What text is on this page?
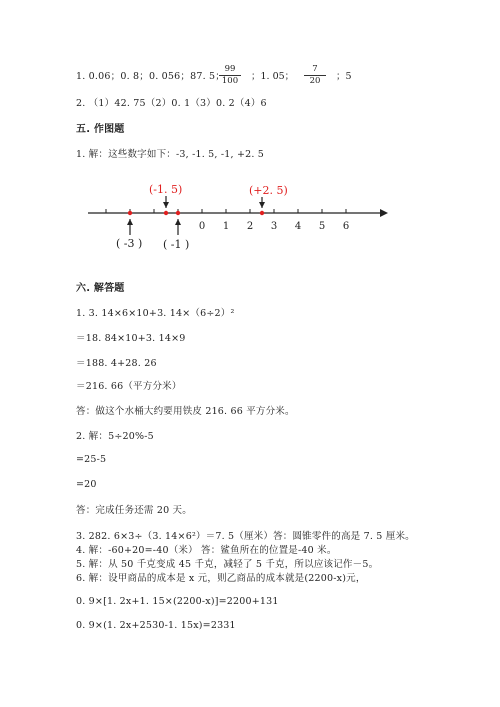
1. 0.06；0. 8；0. 056；87. 5；
99
100	；1. 05；
7
20	；5
2. （1）42. 75（2）0. 1（3）0. 2（4）6
五. 作图题
1. 解：这些数字如下：-3, -1. 5, -1, +2. 5
0 1 2 3 4 5 6
(-1. 5)	(+2. 5)
( -3 ) ( -1 )
六. 解答题
1. 3. 14×6×10+3. 14×（6÷2）²
＝18. 84×10+3. 14×9
＝188. 4+28. 26
＝216. 66（平方分米）
答：做这个水桶大约要用铁皮 216. 66 平方分米。
2. 解：5÷20%-5
=25-5
=20
答：完成任务还需 20 天。
3. 282. 6×3÷（3. 14×6²）＝7. 5（厘米）答：圆锥零件的高是 7. 5 厘米。
4. 解：-60+20=-40（米） 答：鲨鱼所在的位置是-40 米。
5. 解：从 50 千克变成 45 千克，减轻了 5 千克，所以应该记作－5。
6. 解：设甲商品的成本是 x 元，则乙商品的成本就是(2200-x)元，
0. 9×[1. 2x+1. 15×(2200-x)]=2200+131
0. 9×(1. 2x+2530-1. 15x)=2331
